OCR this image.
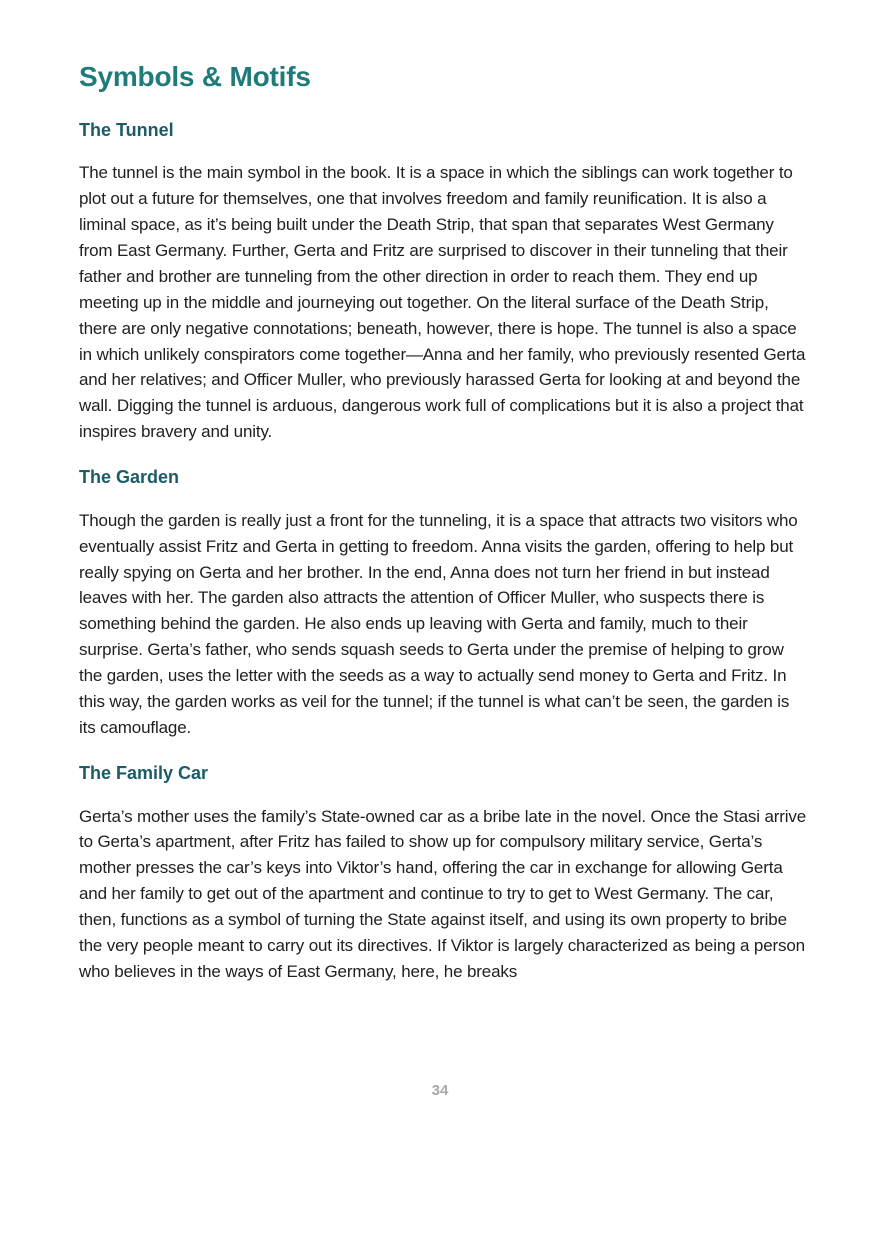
Symbols & Motifs
The Tunnel

The tunnel is the main symbol in the book. It is a space in which the siblings can work together to plot out a future for themselves, one that involves freedom and family reunification. It is also a liminal space, as it’s being built under the Death Strip, that span that separates West Germany from East Germany. Further, Gerta and Fritz are surprised to discover in their tunneling that their father and brother are tunneling from the other direction in order to reach them. They end up meeting up in the middle and journeying out together. On the literal surface of the Death Strip, there are only negative connotations; beneath, however, there is hope. The tunnel is also a space in which unlikely conspirators come together—Anna and her family, who previously resented Gerta and her relatives; and Officer Muller, who previously harassed Gerta for looking at and beyond the wall. Digging the tunnel is arduous, dangerous work full of complications but it is also a project that inspires bravery and unity.

The Garden

Though the garden is really just a front for the tunneling, it is a space that attracts two visitors who eventually assist Fritz and Gerta in getting to freedom. Anna visits the garden, offering to help but really spying on Gerta and her brother. In the end, Anna does not turn her friend in but instead leaves with her. The garden also attracts the attention of Officer Muller, who suspects there is something behind the garden. He also ends up leaving with Gerta and family, much to their surprise. Gerta’s father, who sends squash seeds to Gerta under the premise of helping to grow the garden, uses the letter with the seeds as a way to actually send money to Gerta and Fritz. In this way, the garden works as veil for the tunnel; if the tunnel is what can’t be seen, the garden is its camouflage.

The Family Car

Gerta’s mother uses the family’s State-owned car as a bribe late in the novel. Once the Stasi arrive to Gerta’s apartment, after Fritz has failed to show up for compulsory military service, Gerta’s mother presses the car’s keys into Viktor’s hand, offering the car in exchange for allowing Gerta and her family to get out of the apartment and continue to try to get to West Germany. The car, then, functions as a symbol of turning the State against itself, and using its own property to bribe the very people meant to carry out its directives. If Viktor is largely characterized as being a person who believes in the ways of East Germany, here, he breaks

34
